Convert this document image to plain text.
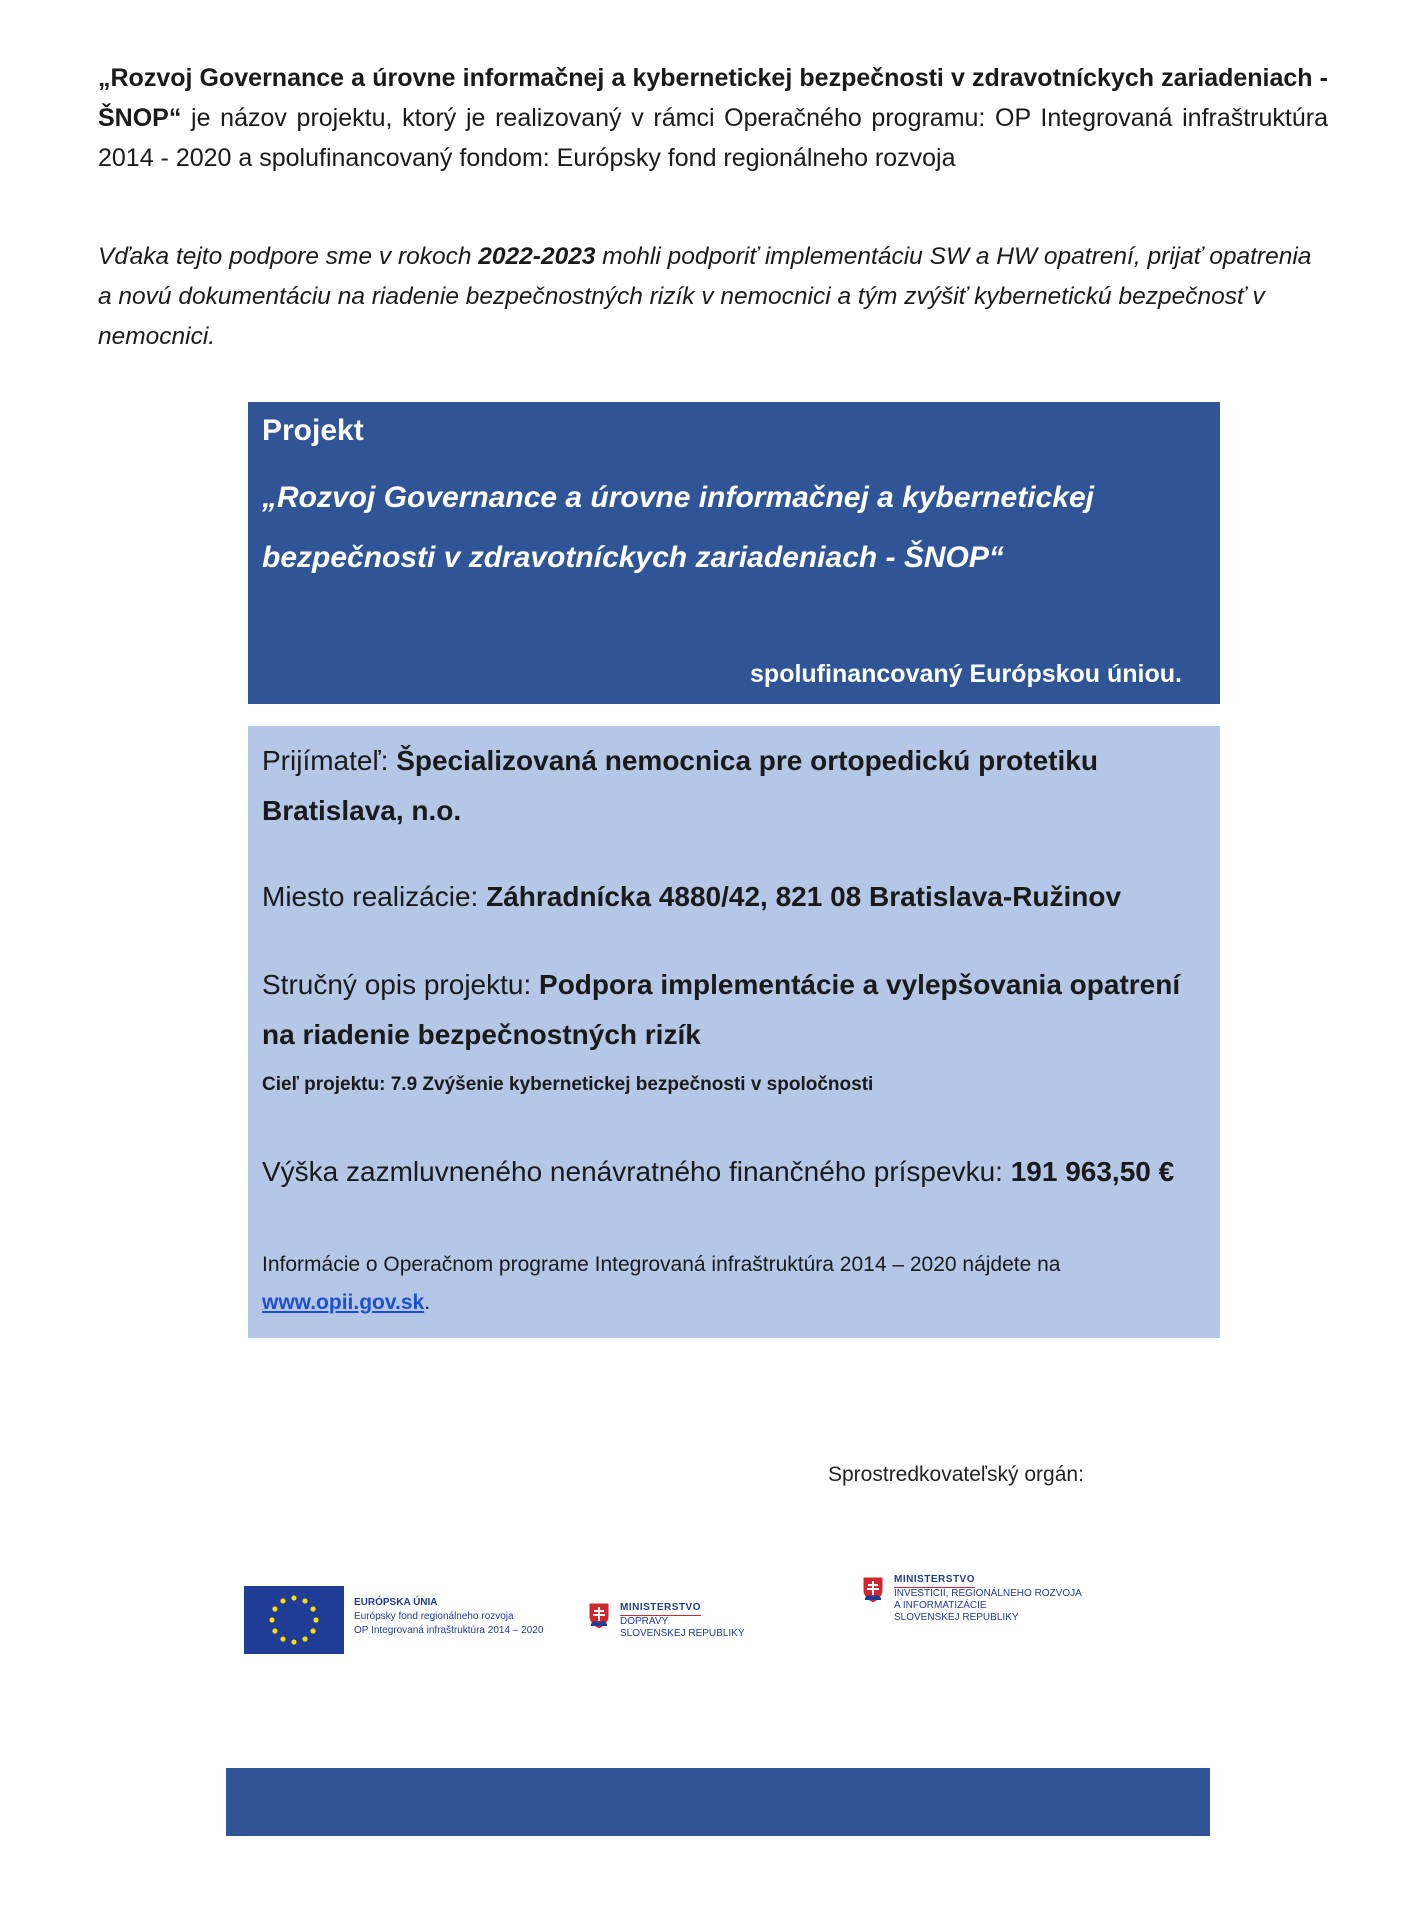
„Rozvoj Governance a úrovne informačnej a kybernetickej bezpečnosti v zdravotníckych zariadeniach - ŠNOP“ je názov projektu, ktorý je realizovaný v rámci Operačného programu: OP Integrovaná infraštruktúra 2014 - 2020 a spolufinancovaný fondom: Európsky fond regionálneho rozvoja

Vďaka tejto podpore sme v rokoch 2022-2023 mohli podporiť implementáciu SW a HW opatrení, prijať opatrenia a novú dokumentáciu na riadenie bezpečnostných rizík v nemocnici a tým zvýšiť kybernetickú bezpečnosť v nemocnici.

Projekt
„Rozvoj Governance a úrovne informačnej a kybernetickej bezpečnosti v zdravotníckych zariadeniach - ŠNOP“
spolufinancovaný Európskou úniou.
Prijímateľ: Špecializovaná nemocnica pre ortopedickú protetiku Bratislava, n.o.
Miesto realizácie: Záhradnícka 4880/42, 821 08 Bratislava-Ružinov
Stručný opis projektu: Podpora implementácie a vylepšovania opatrení na riadenie bezpečnostných rizík
Cieľ projektu: 7.9 Zvýšenie kybernetickej bezpečnosti v spoločnosti
Výška zazmluvneného nenávratného finančného príspevku: 191 963,50 €
Informácie o Operačnom programe Integrovaná infraštruktúra 2014 – 2020 nájdete na www.opii.gov.sk.
Sprostredkovateľský orgán:
EURÓPSKA ÚNIA
Európsky fond regionálneho rozvoja
OP Integrovaná infraštruktúra 2014 – 2020
MINISTERSTVO
DOPRAVY
SLOVENSKEJ REPUBLIKY
MINISTERSTVO
INVESTÍCIÍ, REGIONÁLNEHO ROZVOJA
A INFORMATIZÁCIE
SLOVENSKEJ REPUBLIKY
